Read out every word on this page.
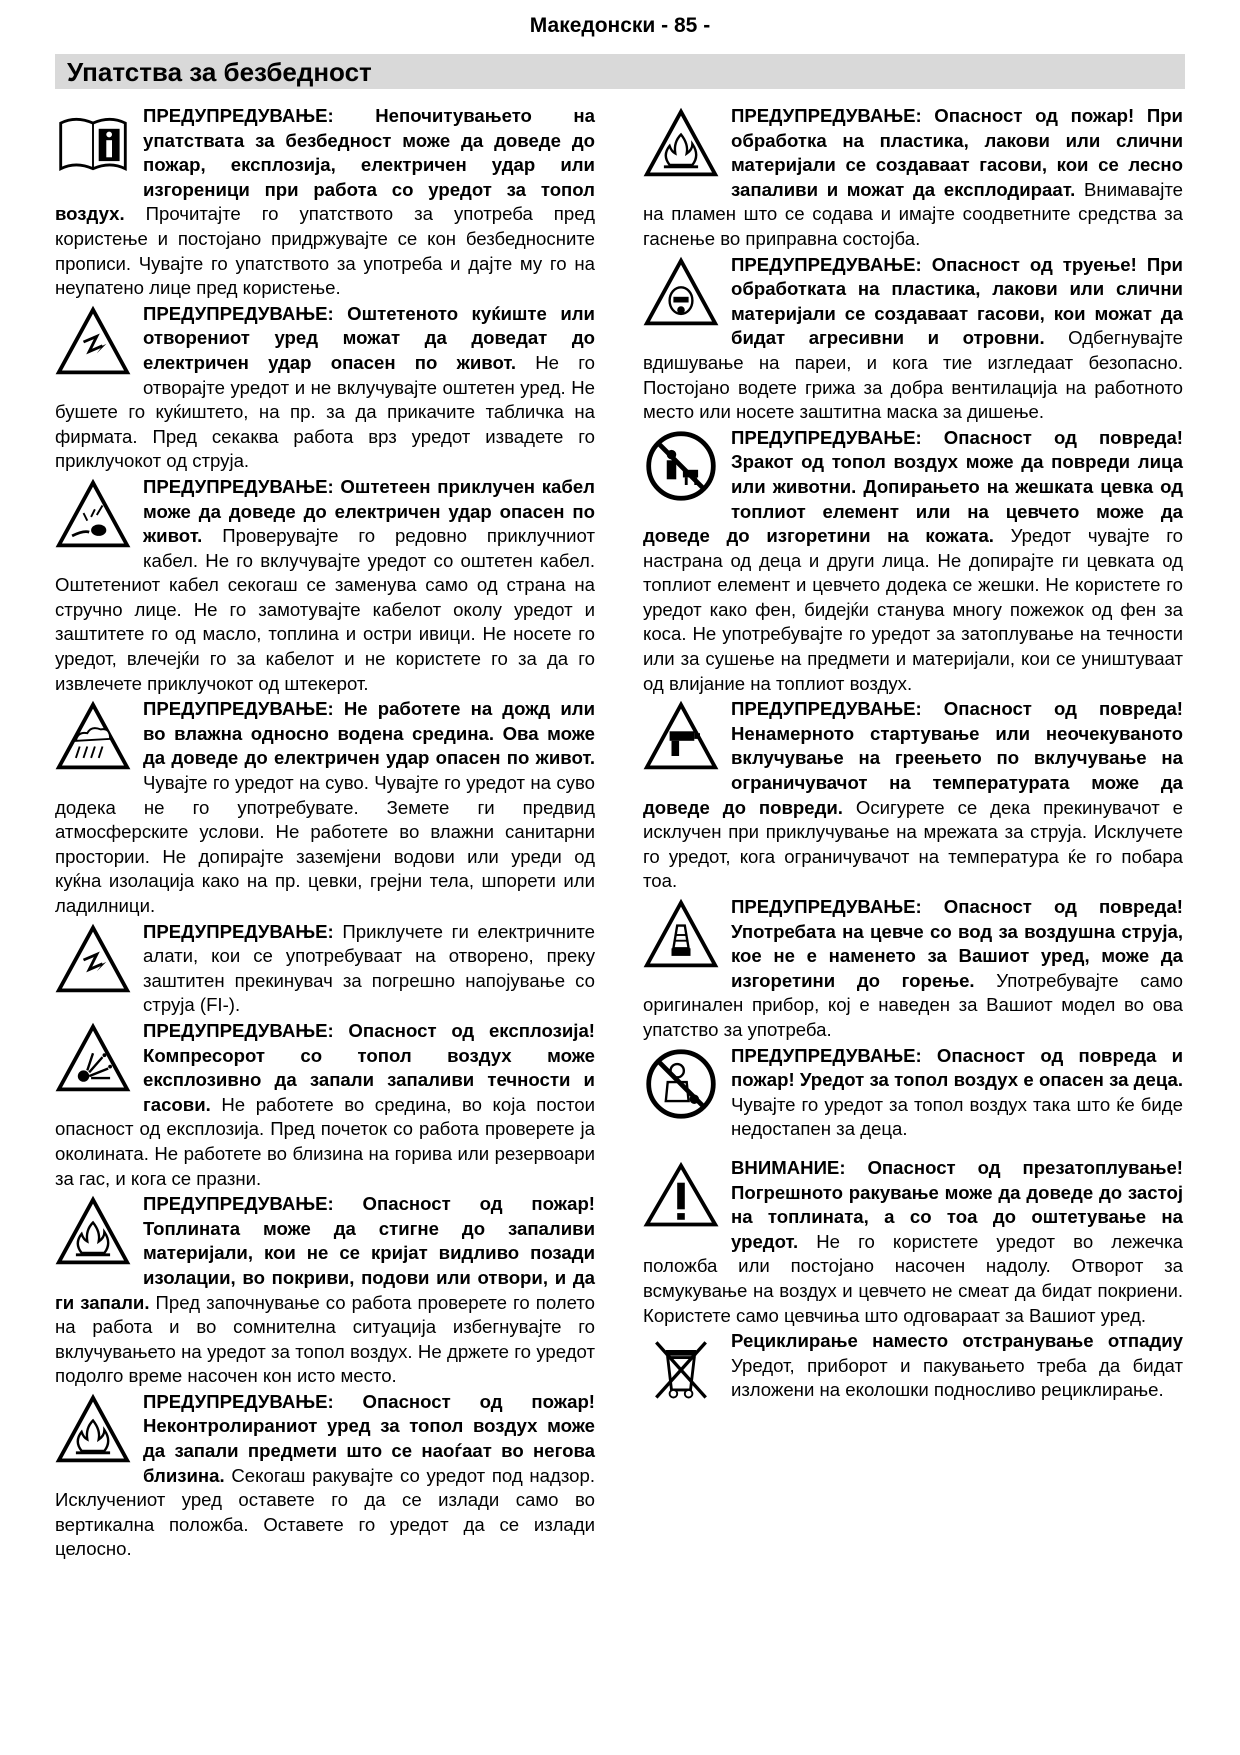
Македонски - 85 -
Упатства за безбедност

ПРЕДУПРЕДУВАЊЕ: Непочитувањето на упатствата за безбедност може да доведе до пожар, експлозија, електричен удар или изгореници при работа со уредот за топол воздух. Прочитајте го упатството за употреба пред користење и постојано придржувајте се кон безбедносните прописи. Чувајте го упатството за употреба и дајте му го на неупатено лице пред користење.

ПРЕДУПРЕДУВАЊЕ: Оштетеното куќиште или отворениот уред можат да доведат до електричен удар опасен по живот. Не го отворајте уредот и не вклучувајте оштетен уред. Не бушете го куќиштето, на пр. за да прикачите табличка на фирмата. Пред секаква работа врз уредот извадете го приклучокот од струја.

ПРЕДУПРЕДУВАЊЕ: Оштетеен приклучен кабел може да доведе до електричен удар опасен по живот. Проверувајте го редовно приклучниот кабел. Не го вклучувајте уредот со оштетен кабел. Оштетениот кабел секогаш се заменува само од страна на стручно лице. Не го замотувајте кабелот околу уредот и заштитете го од масло, топлина и остри ивици. Не носете го уредот, влечејќи го за кабелот и не користете го за да го извлечете приклучокот од штекерот.

ПРЕДУПРЕДУВАЊЕ: Не работете на дожд или во влажна односно водена средина. Ова може да доведе до електричен удар опасен по живот. Чувајте го уредот на суво. Чувајте го уредот на суво додека не го употребувате. Земете ги предвид атмосферските услови. Не работете во влажни санитарни простории. Не допирајте заземјени водови или уреди од куќна изолација како на пр. цевки, грејни тела, шпорети или ладилници.

ПРЕДУПРЕДУВАЊЕ: Приклучете ги електричните алати, кои се употребуваат на отворено, преку заштитен прекинувач за погрешно напојување со струја (FI-).

ПРЕДУПРЕДУВАЊЕ: Опасност од експлозија! Компресорот со топол воздух може експлозивно да запали запаливи течности и гасови. Не работете во средина, во која постои опасност од експлозија. Пред почеток со работа проверете ја околината. Не работете во близина на горива или резервоари за гас, и кога се празни.

ПРЕДУПРЕДУВАЊЕ: Опасност од пожар! Топлината може да стигне до запаливи материјали, кои не се кријат видливо позади изолации, во покриви, подови или отвори, и да ги запали. Пред започнување со работа проверете го полето на работа и во сомнителна ситуација избегнувајте го вклучувањето на уредот за топол воздух. Не држете го уредот подолго време насочен кон исто место.

ПРЕДУПРЕДУВАЊЕ: Опасност од пожар! Неконтролираниот уред за топол воздух може да запали предмети што се наоѓаат во негова близина. Секогаш ракувајте со уредот под надзор. Исклучениот уред оставете го да се излади само во вертикална положба. Оставете го уредот да се излади целосно.

ПРЕДУПРЕДУВАЊЕ: Опасност од пожар! При обработка на пластика, лакови или слични материјали се создаваат гасови, кои се лесно запаливи и можат да експлодираат. Внимавајте на пламен што се содава и имајте соодветните средства за гаснење во приправна состојба.

ПРЕДУПРЕДУВАЊЕ: Опасност од труење! При обработката на пластика, лакови или слични материјали се создаваат гасови, кои можат да бидат агресивни и отровни. Одбегнувајте вдишување на пареи, и кога тие изгледаат безопасно. Постојано водете грижа за добра вентилација на работното место или носете заштитна маска за дишење.

ПРЕДУПРЕДУВАЊЕ: Опасност од повреда! Зракот од топол воздух може да повреди лица или животни. Допирањето на жешката цевка од топлиот елемент или на цевчето може да доведе до изгоретини на кожата. Уредот чувајте го настрана од деца и други лица. Не допирајте ги цевката од топлиот елемент и цевчето додека се жешки. Не користете го уредот како фен, бидејќи станува многу пожежок од фен за коса. Не употребувајте го уредот за затоплување на течности или за сушење на предмети и материјали, кои се уништуваат од влијание на топлиот воздух.

ПРЕДУПРЕДУВАЊЕ: Опасност од повреда! Ненамерното стартување или неочекуваното вклучување на греењето по вклучување на ограничувачот на температурата може да доведе до повреди. Осигурете се дека прекинувачот е исклучен при приклучување на мрежата за струја. Исклучете го уредот, кога ограничувачот на температура ќе го побара тоа.

ПРЕДУПРЕДУВАЊЕ: Опасност од повреда! Употребата на цевче со вод за воздушна струја, кое не е наменето за Вашиот уред, може да изгоретини до горење. Употребувајте само оригинален прибор, кој е наведен за Вашиот модел во ова упатство за употреба.

ПРЕДУПРЕДУВАЊЕ: Опасност од повреда и пожар! Уредот за топол воздух е опасен за деца. Чувајте го уредот за топол воздух така што ќе биде недостапен за деца.

ВНИМАНИЕ: Опасност од презатоплување! Погрешното ракување може да доведе до застој на топлината, а со тоа до оштетување на уредот. Не го користете уредот во лежечка положба или постојано насочен надолу. Отворот за всмукување на воздух и цевчето не смеат да бидат покриени. Користете само цевчиња што одговараат за Вашиот уред.

Рециклирање наместо отстранување отпадиу Уредот, приборот и пакувањето треба да бидат изложени на еколошки подносливо рециклирање.
